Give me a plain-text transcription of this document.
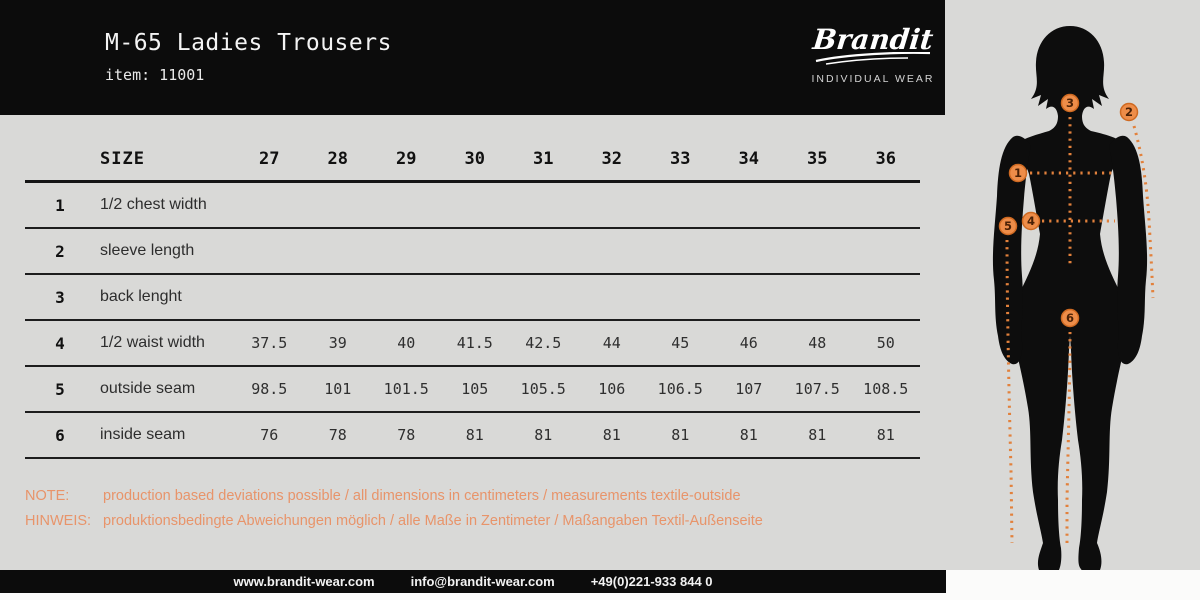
M-65 Ladies Trousers
item: 11001
Brandit
INDIVIDUAL WEAR
SIZE	27	28	29	30	31	32	33	34	35	36
1	1/2 chest width
2	sleeve length
3	back lenght
4	1/2 waist width	37.5	39	40	41.5	42.5	44	45	46	48	50
5	outside seam	98.5	101	101.5	105	105.5	106	106.5	107	107.5	108.5
6	inside seam	76	78	78	81	81	81	81	81	81	81
NOTE:	production based deviations possible / all dimensions in centimeters / measurements textile-outside
HINWEIS: produktionsbedingte Abweichungen möglich / alle Maße in Zentimeter / Maßangaben Textil-Außenseite
www.brandit-wear.com	info@brandit-wear.com	+49(0)221-933 844 0
1
2
3
4
5
6
